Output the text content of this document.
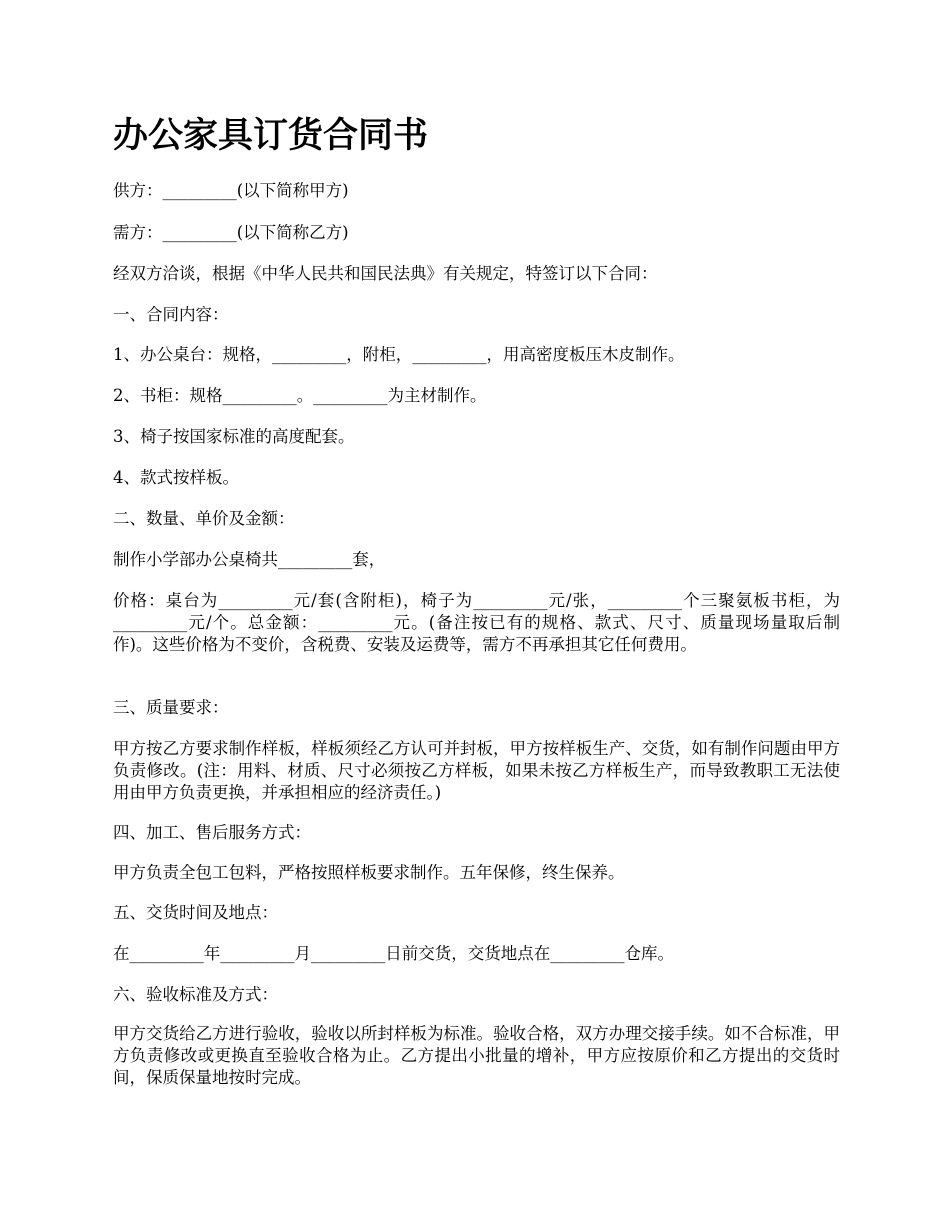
办公家具订货合同书

供方：_________(以下简称甲方)

需方：_________(以下简称乙方)

经双方洽谈，根据《中华人民共和国民法典》有关规定，特签订以下合同：

一、合同内容：

1、办公桌台：规格，_________，附柜，_________，用高密度板压木皮制作。

2、书柜：规格_________。_________为主材制作。

3、椅子按国家标准的高度配套。

4、款式按样板。

二、数量、单价及金额：

制作小学部办公桌椅共_________套，

价格：桌台为_________元/套(含附柜)，椅子为_________元/张，_________个三聚氨板书柜，为_________元/个。总金额：_________元。(备注按已有的规格、款式、尺寸、质量现场量取后制作)。这些价格为不变价，含税费、安装及运费等，需方不再承担其它任何费用。

三、质量要求：

甲方按乙方要求制作样板，样板须经乙方认可并封板，甲方按样板生产、交货，如有制作问题由甲方负责修改。(注：用料、材质、尺寸必须按乙方样板，如果未按乙方样板生产，而导致教职工无法使用由甲方负责更换，并承担相应的经济责任。)

四、加工、售后服务方式：

甲方负责全包工包料，严格按照样板要求制作。五年保修，终生保养。

五、交货时间及地点：

在_________年_________月_________日前交货，交货地点在_________仓库。

六、验收标准及方式：

甲方交货给乙方进行验收，验收以所封样板为标准。验收合格，双方办理交接手续。如不合标准，甲方负责修改或更换直至验收合格为止。乙方提出小批量的增补，甲方应按原价和乙方提出的交货时间，保质保量地按时完成。
